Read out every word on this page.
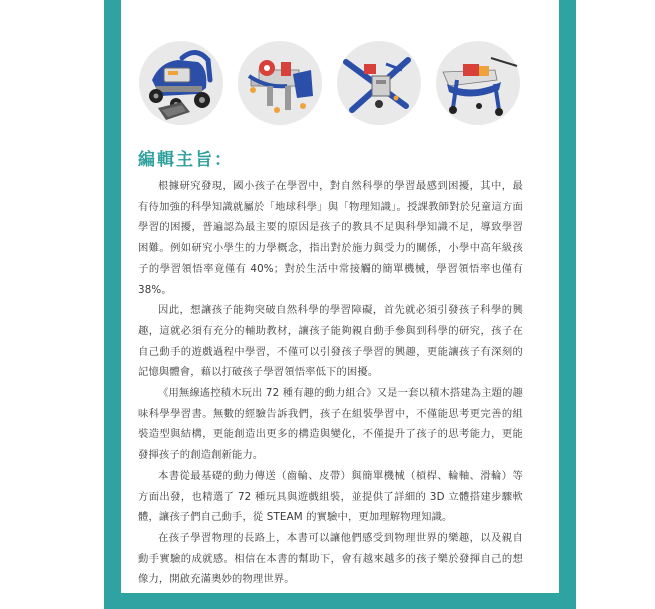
編輯主旨：

根據研究發現，國小孩子在學習中，對自然科學的學習最感到困擾，其中，最有待加強的科學知識就屬於「地球科學」與「物理知識」。授課教師對於兒童這方面學習的困擾，普遍認為最主要的原因是孩子的教具不足與科學知識不足，導致學習困難。例如研究小學生的力學概念，指出對於施力與受力的關係，小學中高年級孩子的學習領悟率竟僅有 40%；對於生活中常接觸的簡單機械，學習領悟率也僅有 38%。

因此，想讓孩子能夠突破自然科學的學習障礙，首先就必須引發孩子科學的興趣，這就必須有充分的輔助教材，讓孩子能夠親自動手參與到科學的研究，孩子在自己動手的遊戲過程中學習，不僅可以引發孩子學習的興趣，更能讓孩子有深刻的記憶與體會，藉以打破孩子學習領悟率低下的困擾。

《用無線遙控積木玩出 72 種有趣的動力組合》又是一套以積木搭建為主題的趣味科學學習書。無數的經驗告訴我們，孩子在組裝學習中，不僅能思考更完善的組裝造型與結構，更能創造出更多的構造與變化，不僅提升了孩子的思考能力，更能發揮孩子的創造創新能力。

本書從最基礎的動力傳送（齒輪、皮帶）與簡單機械（槓桿、輪軸、滑輪）等方面出發，也精選了 72 種玩具與遊戲組裝，並提供了詳細的 3D 立體搭建步驟軟體，讓孩子們自己動手，從 STEAM 的實驗中，更加理解物理知識。

在孩子學習物理的長路上，本書可以讓他們感受到物理世界的樂趣，以及親自動手實驗的成就感。相信在本書的幫助下，會有越來越多的孩子樂於發揮自己的想像力，開啟充滿奧妙的物理世界。
